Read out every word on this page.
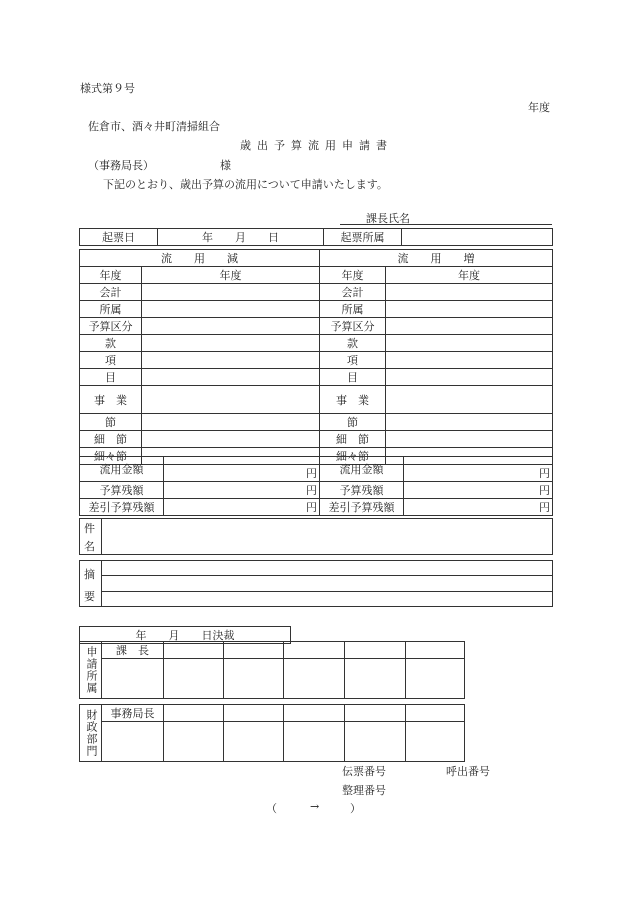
様式第９号
年度
佐倉市、酒々井町清掃組合
歳出予算流用申請書
（事務局長）	様
下記のとおり、歳出予算の流用について申請いたします。
課長氏名
起票日	年　　月　　日	起票所属	
流　　用　　減		流　　用　　増	
年度	年度	年度	年度
会計		会計	
所属		所属	
予算区分		予算区分	
款		款	
項		項	
目		目	
事　業		事　業	
節		節	
細　節		細　節	
細々節		細々節	
流用金額	円	流用金額	円
予算残額	円	予算残額	円
差引予算残額	円	差引予算残額	円
件
名
摘
要
年　　月　　日決裁
	課　長					

申請所属
	事務局長					

財政部門
伝票番号	呼出番号
整理番号
（	→	）
